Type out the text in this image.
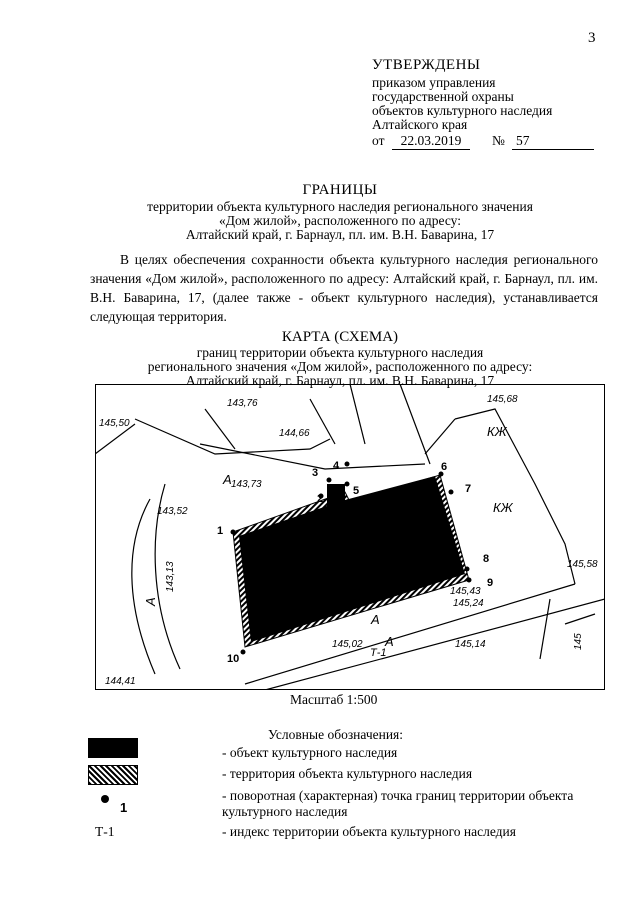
3
УТВЕРЖДЕНЫ
приказом управления
государственной охраны
объектов культурного наследия
Алтайского края
от	22.03.2019	№ 57
ГРАНИЦЫ
территории объекта культурного наследия регионального значения
«Дом жилой», расположенного по адресу:
Алтайский край, г. Барнаул, пл. им. В.Н. Баварина, 17
В целях обеспечения сохранности объекта культурного наследия регионального значения «Дом жилой», расположенного по адресу: Алтайский край, г. Барнаул, пл. им. В.Н. Баварина, 17, (далее также - объект культурного наследия), устанавливается следующая территория.
КАРТА (СХЕМА)
границ территории объекта культурного наследия
регионального значения «Дом жилой», расположенного по адресу:
Алтайский край, г. Барнаул, пл. им. В.Н. Баварина, 17
1
2
3
4
5
6
7
8
9
10
145,50
143,76
144,66
145,68
143,73
143,52
143,13	145,43
145,24
145,02	145,14
145,58
144,41
145
КЖ
КЖ
А
А
А
А
Т-1
Масштаб 1:500
Условные обозначения:
- объект культурного наследия
- территория объекта культурного наследия
1
- поворотная (характерная) точка границ территории объекта культурного наследия
Т-1	- индекс территории объекта культурного наследия
